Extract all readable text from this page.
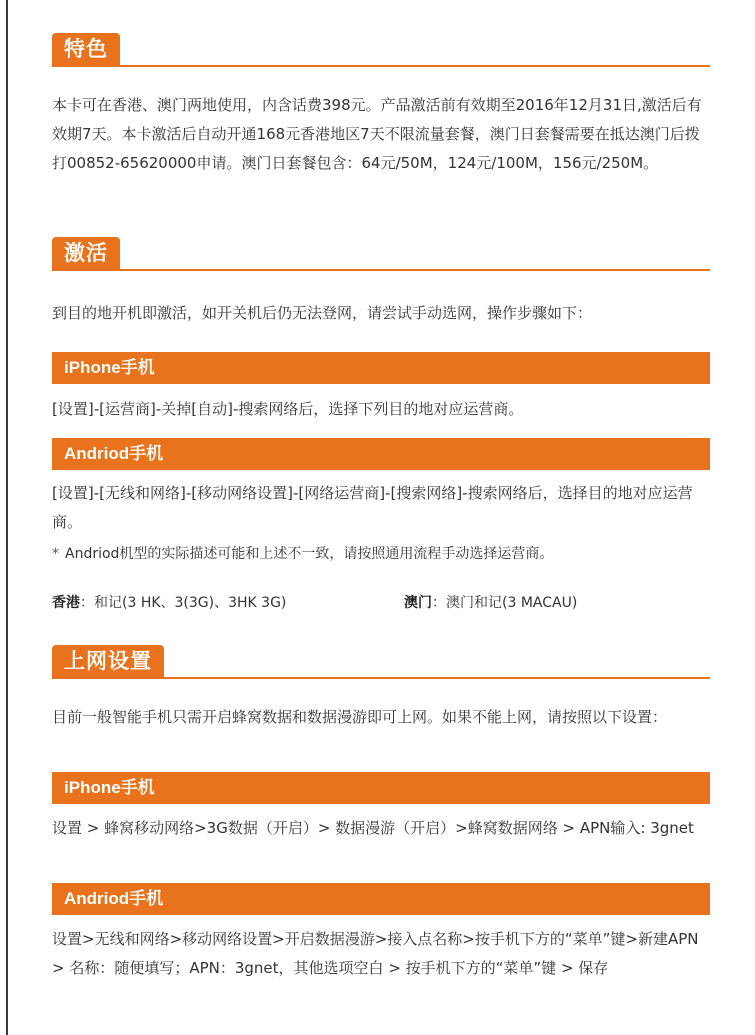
特色
本卡可在香港、澳门两地使用，内含话费398元。产品激活前有效期至2016年12月31日,激活后有效期7天。本卡激活后自动开通168元香港地区7天不限流量套餐，澳门日套餐需要在抵达澳门后拨打00852-65620000申请。澳门日套餐包含：64元/50M，124元/100M，156元/250M。
激活
到目的地开机即激活，如开关机后仍无法登网，请尝试手动选网，操作步骤如下：
iPhone手机
[设置]-[运营商]-关掉[自动]-搜索网络后，选择下列目的地对应运营商。
Andriod手机
[设置]-[无线和网络]-[移动网络设置]-[网络运营商]-[搜索网络]-搜索网络后，选择目的地对应运营商。
* Andriod机型的实际描述可能和上述不一致，请按照通用流程手动选择运营商。
香港：和记(3 HK、3(3G)、3HK 3G)	澳门：澳门和记(3 MACAU)
上网设置
目前一般智能手机只需开启蜂窝数据和数据漫游即可上网。如果不能上网，请按照以下设置：
iPhone手机
设置 > 蜂窝移动网络>3G数据（开启）> 数据漫游（开启）>蜂窝数据网络 > APN输入: 3gnet
Andriod手机
设置>无线和网络>移动网络设置>开启数据漫游>接入点名称>按手机下方的“菜单”键>新建APN > 名称：随便填写；APN：3gnet，其他选项空白 > 按手机下方的“菜单”键 > 保存
